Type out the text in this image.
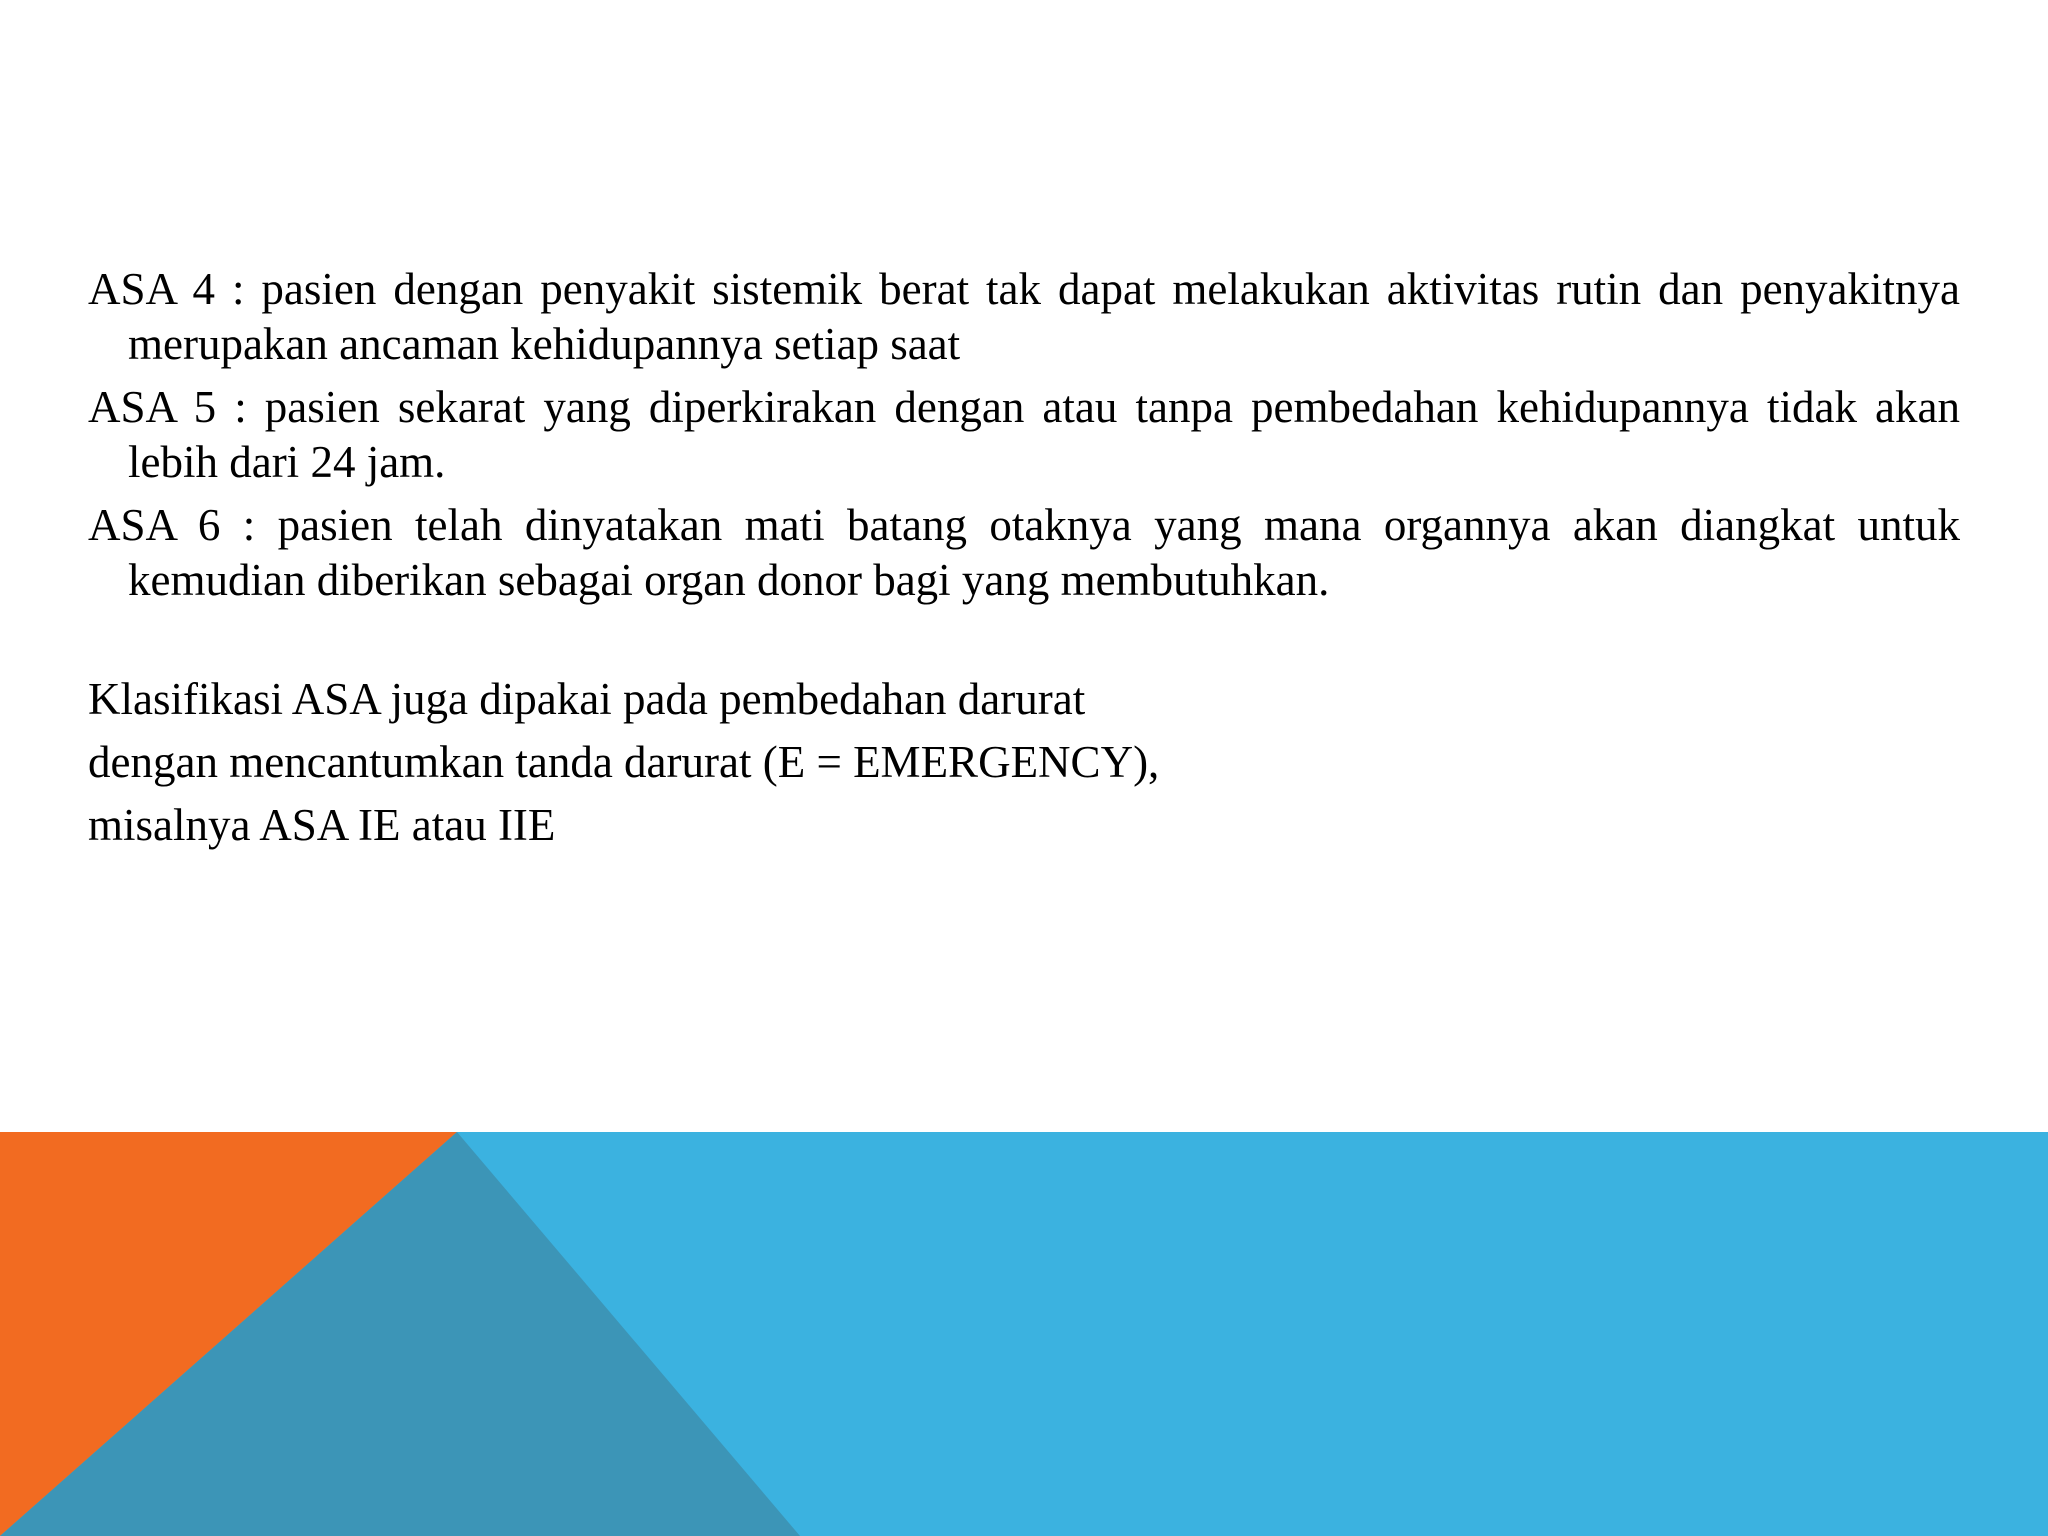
ASA 4 : pasien dengan penyakit sistemik berat tak dapat melakukan aktivitas rutin dan penyakitnya merupakan ancaman kehidupannya setiap saat

ASA 5 : pasien sekarat yang diperkirakan dengan atau tanpa pembedahan kehidupannya tidak akan lebih dari 24 jam.

ASA 6 : pasien telah dinyatakan mati batang otaknya yang mana organnya akan diangkat untuk kemudian diberikan sebagai organ donor bagi yang membutuhkan.

Klasifikasi ASA juga dipakai pada pembedahan darurat

dengan mencantumkan tanda darurat (E = EMERGENCY),

misalnya ASA IE atau IIE
